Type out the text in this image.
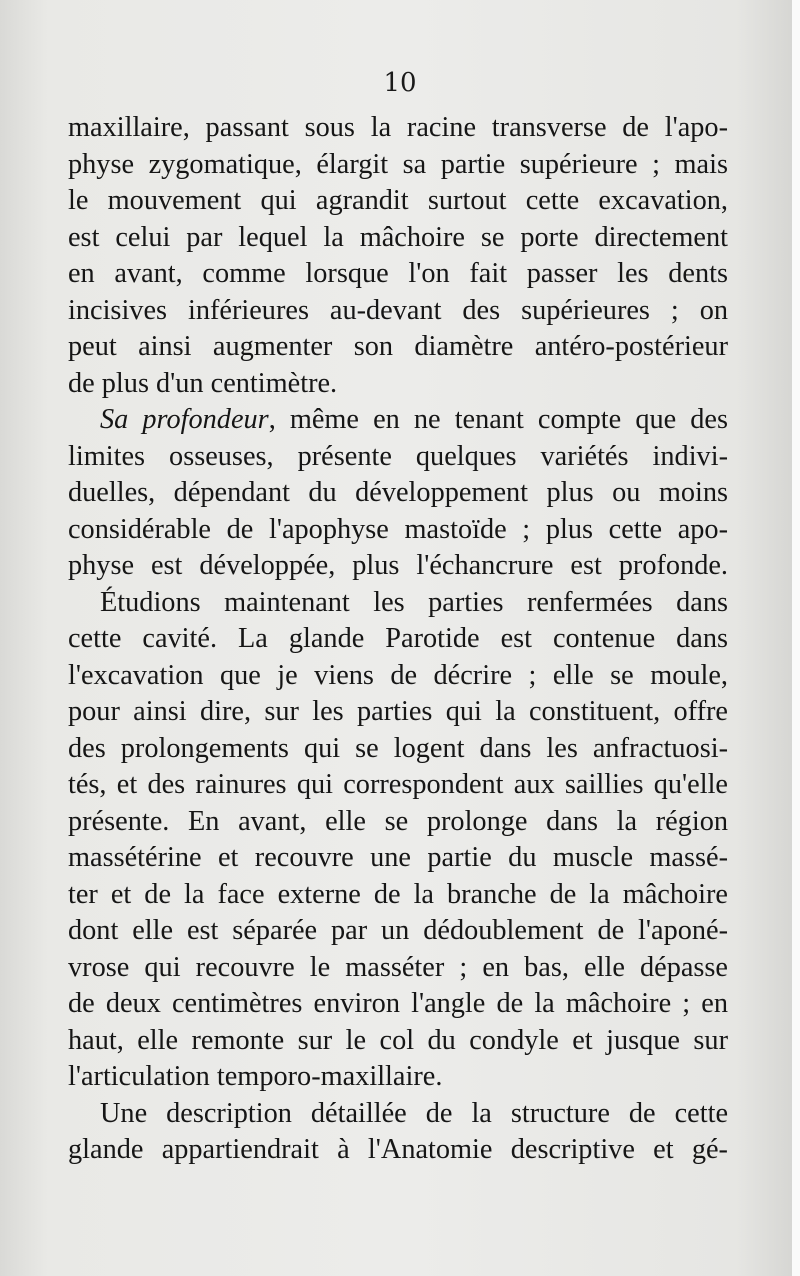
10
maxillaire, passant sous la racine transverse de l'apo-
physe zygomatique, élargit sa partie supérieure ; mais
le mouvement qui agrandit surtout cette excavation,
est celui par lequel la mâchoire se porte directement
en avant, comme lorsque l'on fait passer les dents
incisives inférieures au-devant des supérieures ; on
peut ainsi augmenter son diamètre antéro-postérieur
de plus d'un centimètre.
Sa profondeur, même en ne tenant compte que des
limites osseuses, présente quelques variétés indivi-
duelles, dépendant du développement plus ou moins
considérable de l'apophyse mastoïde ; plus cette apo-
physe est développée, plus l'échancrure est profonde.
Étudions maintenant les parties renfermées dans
cette cavité. La glande Parotide est contenue dans
l'excavation que je viens de décrire ; elle se moule,
pour ainsi dire, sur les parties qui la constituent, offre
des prolongements qui se logent dans les anfractuosi-
tés, et des rainures qui correspondent aux saillies qu'elle
présente. En avant, elle se prolonge dans la région
massétérine et recouvre une partie du muscle massé-
ter et de la face externe de la branche de la mâchoire
dont elle est séparée par un dédoublement de l'aponé-
vrose qui recouvre le masséter ; en bas, elle dépasse
de deux centimètres environ l'angle de la mâchoire ; en
haut, elle remonte sur le col du condyle et jusque sur
l'articulation temporo-maxillaire.
Une description détaillée de la structure de cette
glande appartiendrait à l'Anatomie descriptive et gé-
